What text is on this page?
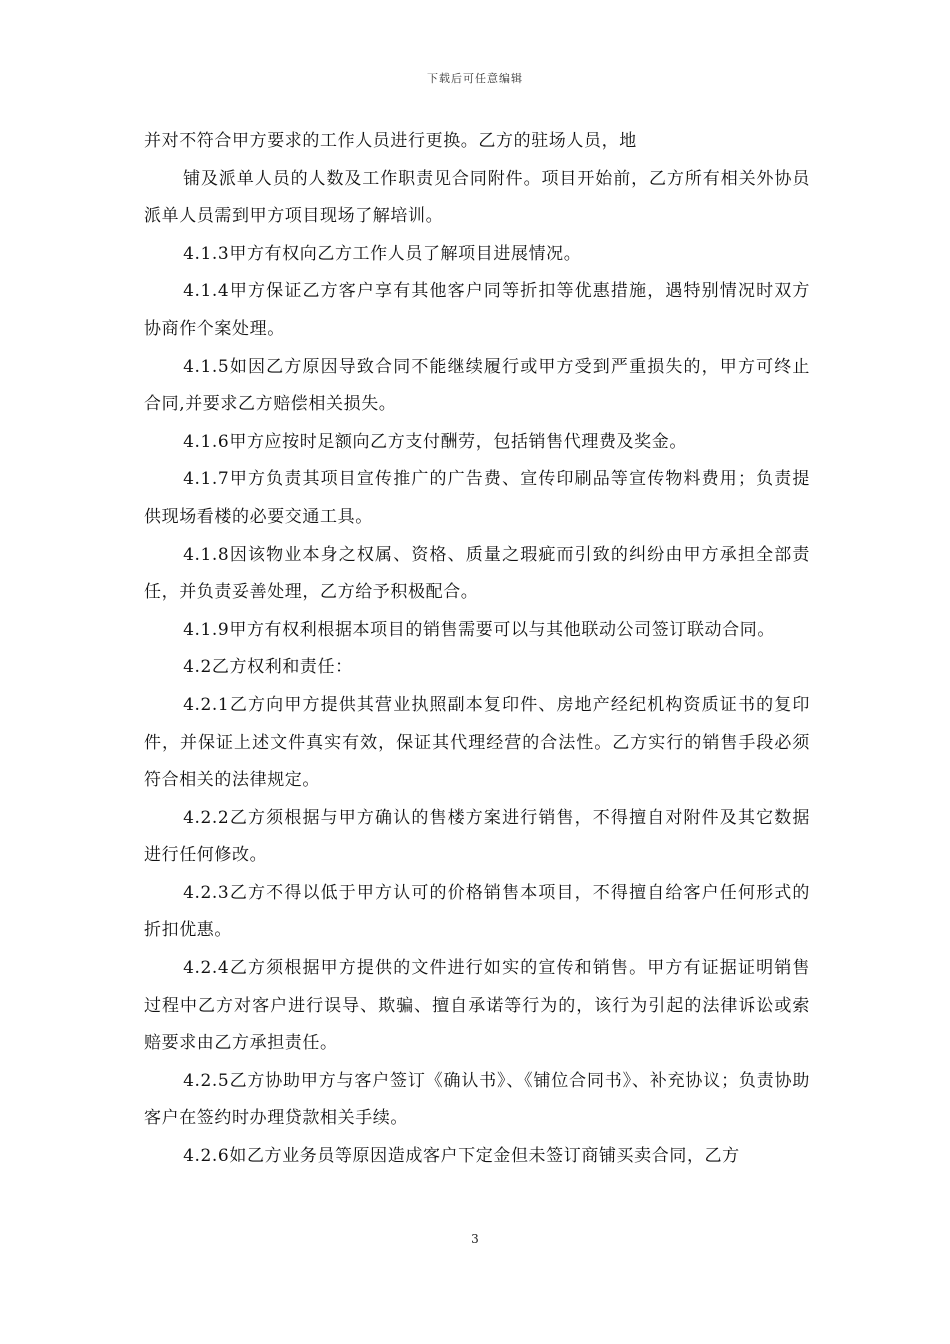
下载后可任意编辑

并对不符合甲方要求的工作人员进行更换。乙方的驻场人员，地

铺及派单人员的人数及工作职责见合同附件。项目开始前，乙方所有相关外协员派单人员需到甲方项目现场了解培训。

4.1.3甲方有权向乙方工作人员了解项目进展情况。

4.1.4甲方保证乙方客户享有其他客户同等折扣等优惠措施，遇特别情况时双方协商作个案处理。

4.1.5如因乙方原因导致合同不能继续履行或甲方受到严重损失的，甲方可终止合同,并要求乙方赔偿相关损失。

4.1.6甲方应按时足额向乙方支付酬劳，包括销售代理费及奖金。

4.1.7甲方负责其项目宣传推广的广告费、宣传印刷品等宣传物料费用；负责提供现场看楼的必要交通工具。

4.1.8因该物业本身之权属、资格、质量之瑕疵而引致的纠纷由甲方承担全部责任，并负责妥善处理，乙方给予积极配合。

4.1.9甲方有权利根据本项目的销售需要可以与其他联动公司签订联动合同。

4.2乙方权利和责任：

4.2.1乙方向甲方提供其营业执照副本复印件、房地产经纪机构资质证书的复印件，并保证上述文件真实有效，保证其代理经营的合法性。乙方实行的销售手段必须符合相关的法律规定。

4.2.2乙方须根据与甲方确认的售楼方案进行销售，不得擅自对附件及其它数据进行任何修改。

4.2.3乙方不得以低于甲方认可的价格销售本项目，不得擅自给客户任何形式的折扣优惠。

4.2.4乙方须根据甲方提供的文件进行如实的宣传和销售。甲方有证据证明销售过程中乙方对客户进行误导、欺骗、擅自承诺等行为的，该行为引起的法律诉讼或索赔要求由乙方承担责任。

4.2.5乙方协助甲方与客户签订《确认书》、《铺位合同书》、补充协议；负责协助客户在签约时办理贷款相关手续。

4.2.6如乙方业务员等原因造成客户下定金但未签订商铺买卖合同，乙方

3
